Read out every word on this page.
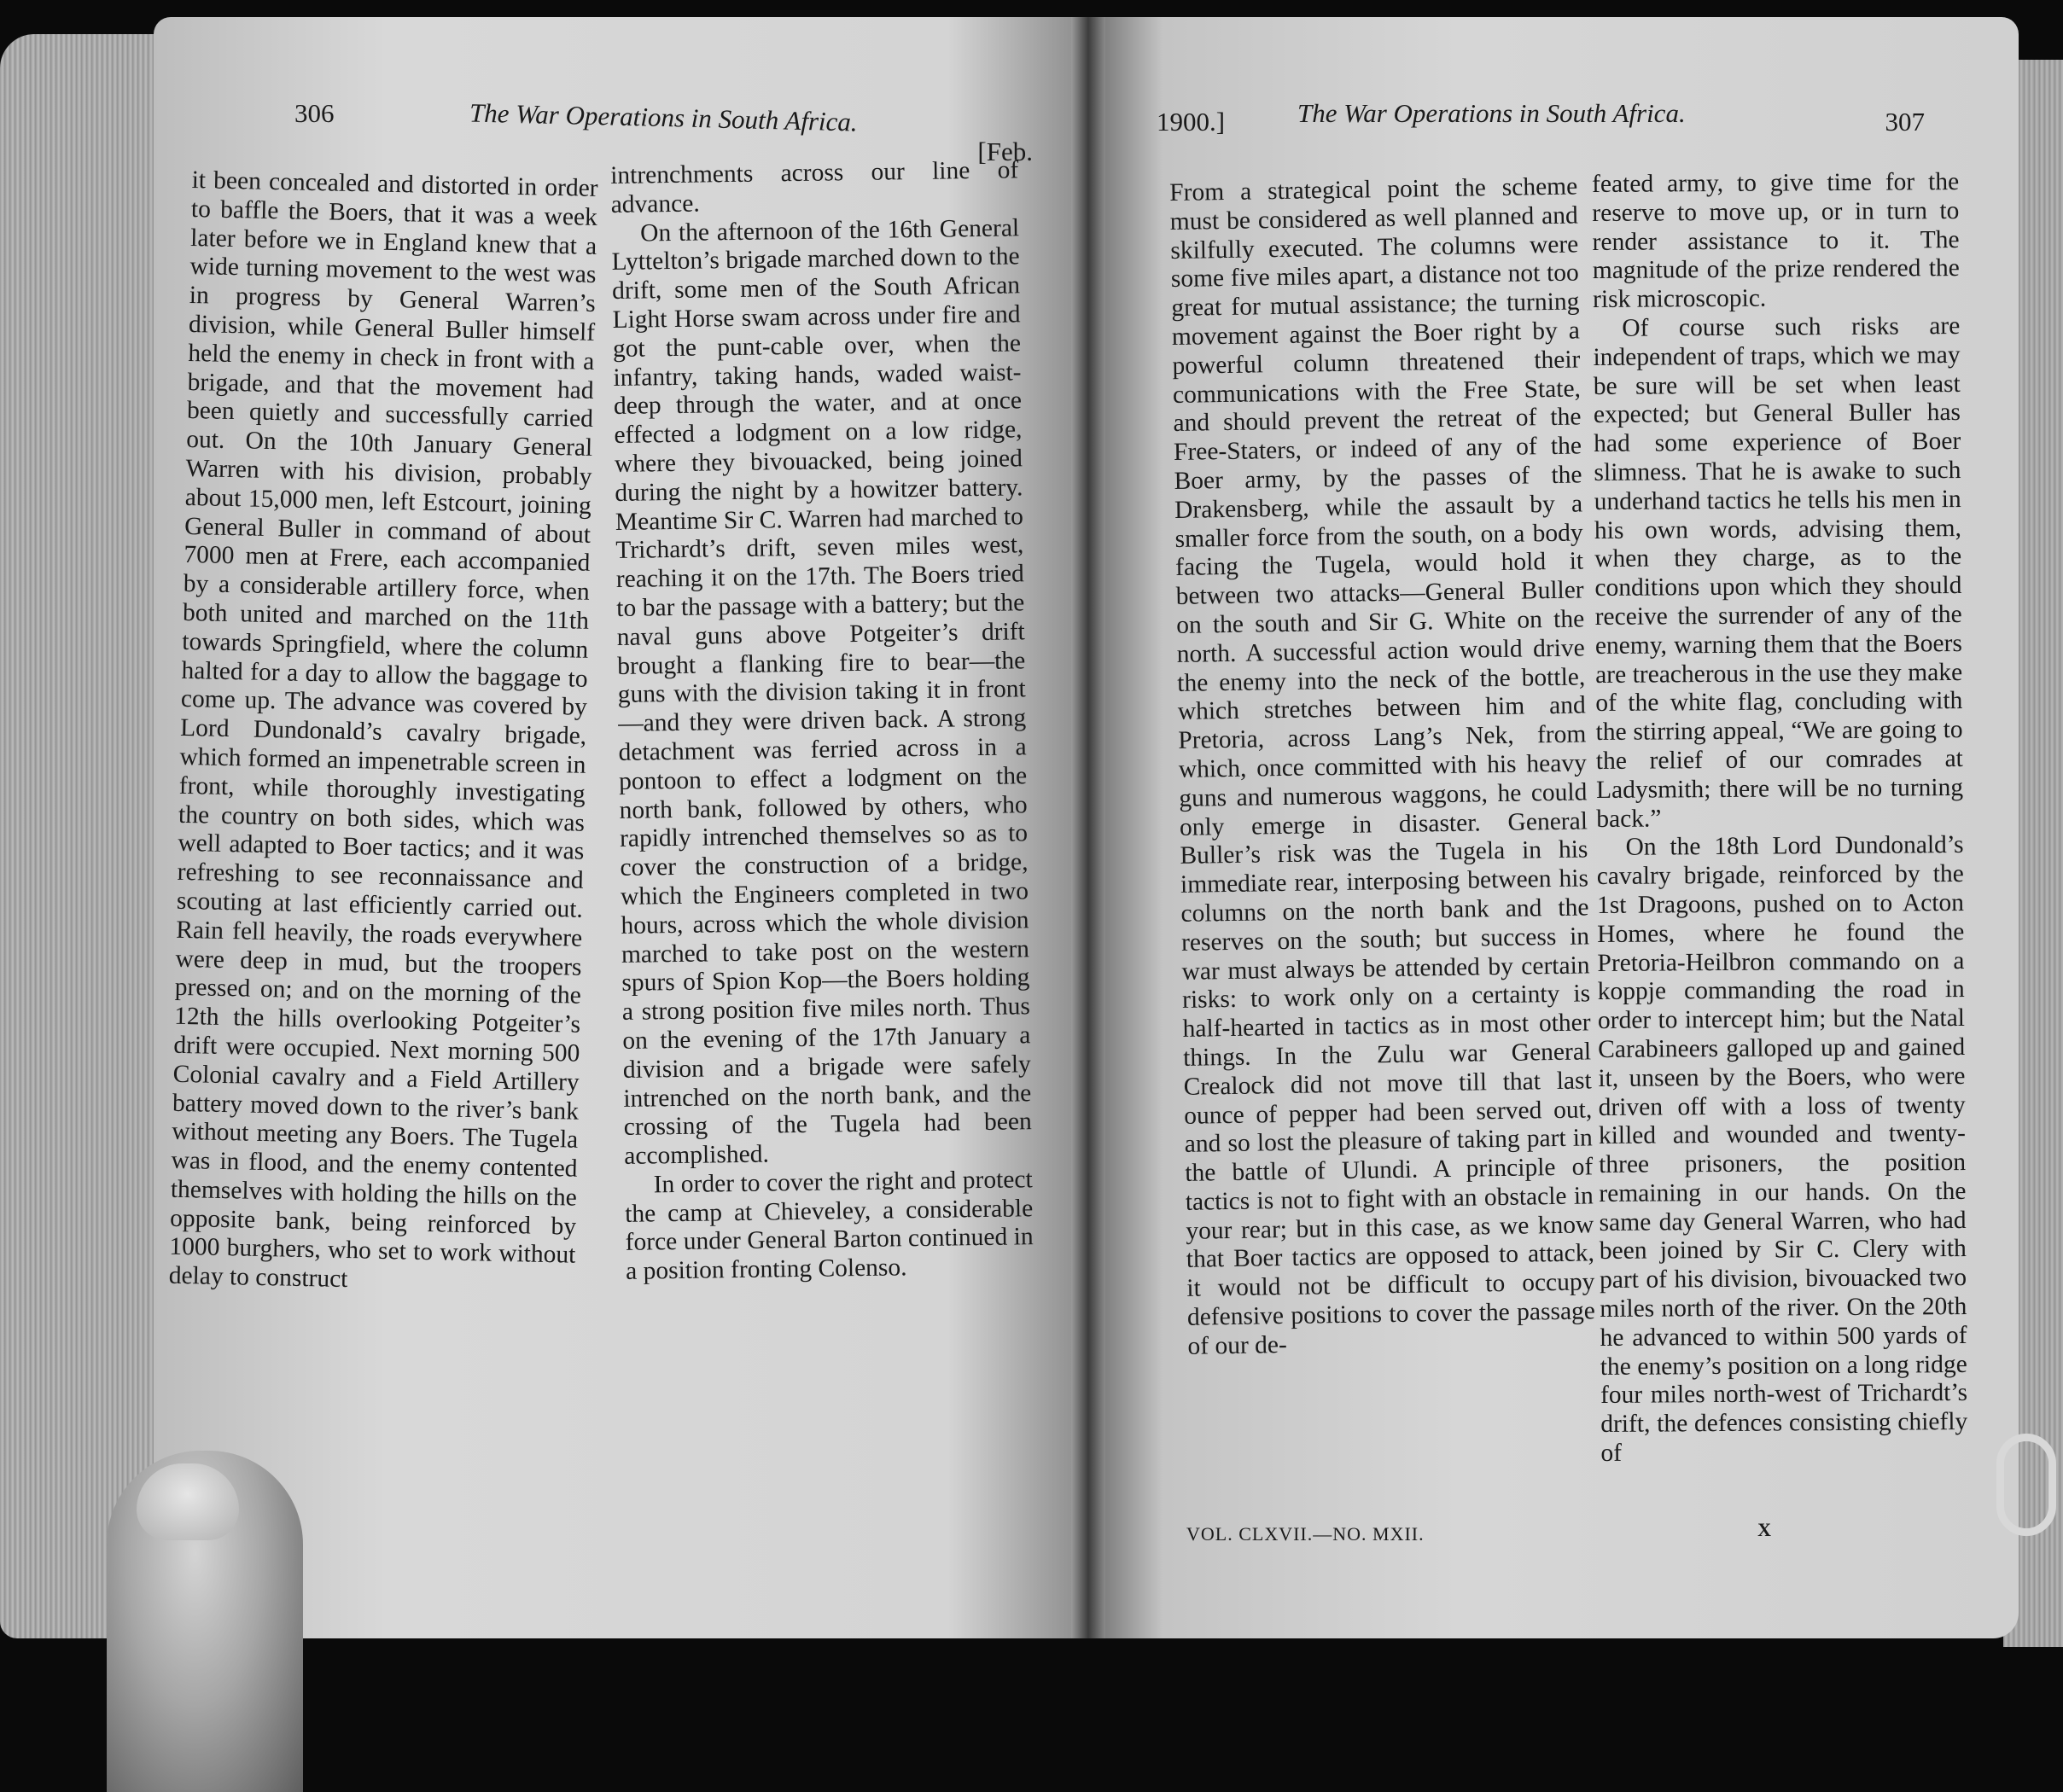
306	The War Operations in South Africa.
[Feb.

it been concealed and distorted in order to baffle the Boers, that it was a week later before we in England knew that a wide turning movement to the west was in progress by General Warren’s division, while General Buller himself held the enemy in check in front with a brigade, and that the movement had been quietly and successfully carried out. On the 10th January General Warren with his division, probably about 15,000 men, left Estcourt, joining General Buller in command of about 7000 men at Frere, each accompanied by a considerable artillery force, when both united and marched on the 11th towards Springfield, where the column halted for a day to allow the baggage to come up. The advance was covered by Lord Dundonald’s cavalry brigade, which formed an impenetrable screen in front, while thoroughly investigating the country on both sides, which was well adapted to Boer tactics; and it was refreshing to see reconnaissance and scouting at last efficiently carried out. Rain fell heavily, the roads everywhere were deep in mud, but the troopers pressed on; and on the morning of the 12th the hills overlooking Potgeiter’s drift were occupied. Next morning 500 Colonial cavalry and a Field Artillery battery moved down to the river’s bank without meeting any Boers. The Tugela was in flood, and the enemy contented themselves with holding the hills on the opposite bank, being reinforced by 1000 burghers, who set to work without delay to construct

intrenchments across our line of advance.

On the afternoon of the 16th General Lyttelton’s brigade marched down to the drift, some men of the South African Light Horse swam across under fire and got the punt-cable over, when the infantry, taking hands, waded waist-deep through the water, and at once effected a lodgment on a low ridge, where they bivouacked, being joined during the night by a howitzer battery. Meantime Sir C. Warren had marched to Trichardt’s drift, seven miles west, reaching it on the 17th. The Boers tried to bar the passage with a battery; but the naval guns above Potgeiter’s drift brought a flanking fire to bear—the guns with the division taking it in front—and they were driven back. A strong detachment was ferried across in a pontoon to effect a lodgment on the north bank, followed by others, who rapidly intrenched themselves so as to cover the construction of a bridge, which the Engineers completed in two hours, across which the whole division marched to take post on the western spurs of Spion Kop—the Boers holding a strong position five miles north. Thus on the evening of the 17th January a division and a brigade were safely intrenched on the north bank, and the crossing of the Tugela had been accomplished.

In order to cover the right and protect the camp at Chieveley, a considerable force under General Barton continued in a position fronting Colenso.

1900.]	The War Operations in South Africa.	307

From a strategical point the scheme must be considered as well planned and skilfully executed. The columns were some five miles apart, a distance not too great for mutual assistance; the turning movement against the Boer right by a powerful column threatened their communications with the Free State, and should prevent the retreat of the Free-Staters, or indeed of any of the Boer army, by the passes of the Drakensberg, while the assault by a smaller force from the south, on a body facing the Tugela, would hold it between two attacks—General Buller on the south and Sir G. White on the north. A successful action would drive the enemy into the neck of the bottle, which stretches between him and Pretoria, across Lang’s Nek, from which, once committed with his heavy guns and numerous waggons, he could only emerge in disaster. General Buller’s risk was the Tugela in his immediate rear, interposing between his columns on the north bank and the reserves on the south; but success in war must always be attended by certain risks: to work only on a certainty is half-hearted in tactics as in most other things. In the Zulu war General Crealock did not move till that last ounce of pepper had been served out, and so lost the pleasure of taking part in the battle of Ulundi. A principle of tactics is not to fight with an obstacle in your rear; but in this case, as we know that Boer tactics are opposed to attack, it would not be difficult to occupy defensive positions to cover the passage of our de-

feated army, to give time for the reserve to move up, or in turn to render assistance to it. The magnitude of the prize rendered the risk microscopic.

Of course such risks are independent of traps, which we may be sure will be set when least expected; but General Buller has had some experience of Boer slimness. That he is awake to such underhand tactics he tells his men in his own words, advising them, when they charge, as to the conditions upon which they should receive the surrender of any of the enemy, warning them that the Boers are treacherous in the use they make of the white flag, concluding with the stirring appeal, “We are going to the relief of our comrades at Ladysmith; there will be no turning back.”

On the 18th Lord Dundonald’s cavalry brigade, reinforced by the 1st Dragoons, pushed on to Acton Homes, where he found the Pretoria-Heilbron commando on a koppje commanding the road in order to intercept him; but the Natal Carabineers galloped up and gained it, unseen by the Boers, who were driven off with a loss of twenty killed and wounded and twenty-three prisoners, the position remaining in our hands. On the same day General Warren, who had been joined by Sir C. Clery with part of his division, bivouacked two miles north of the river. On the 20th he advanced to within 500 yards of the enemy’s position on a long ridge four miles north-west of Trichardt’s drift, the defences consisting chiefly of

VOL. CLXVII.—NO. MXII.	X
